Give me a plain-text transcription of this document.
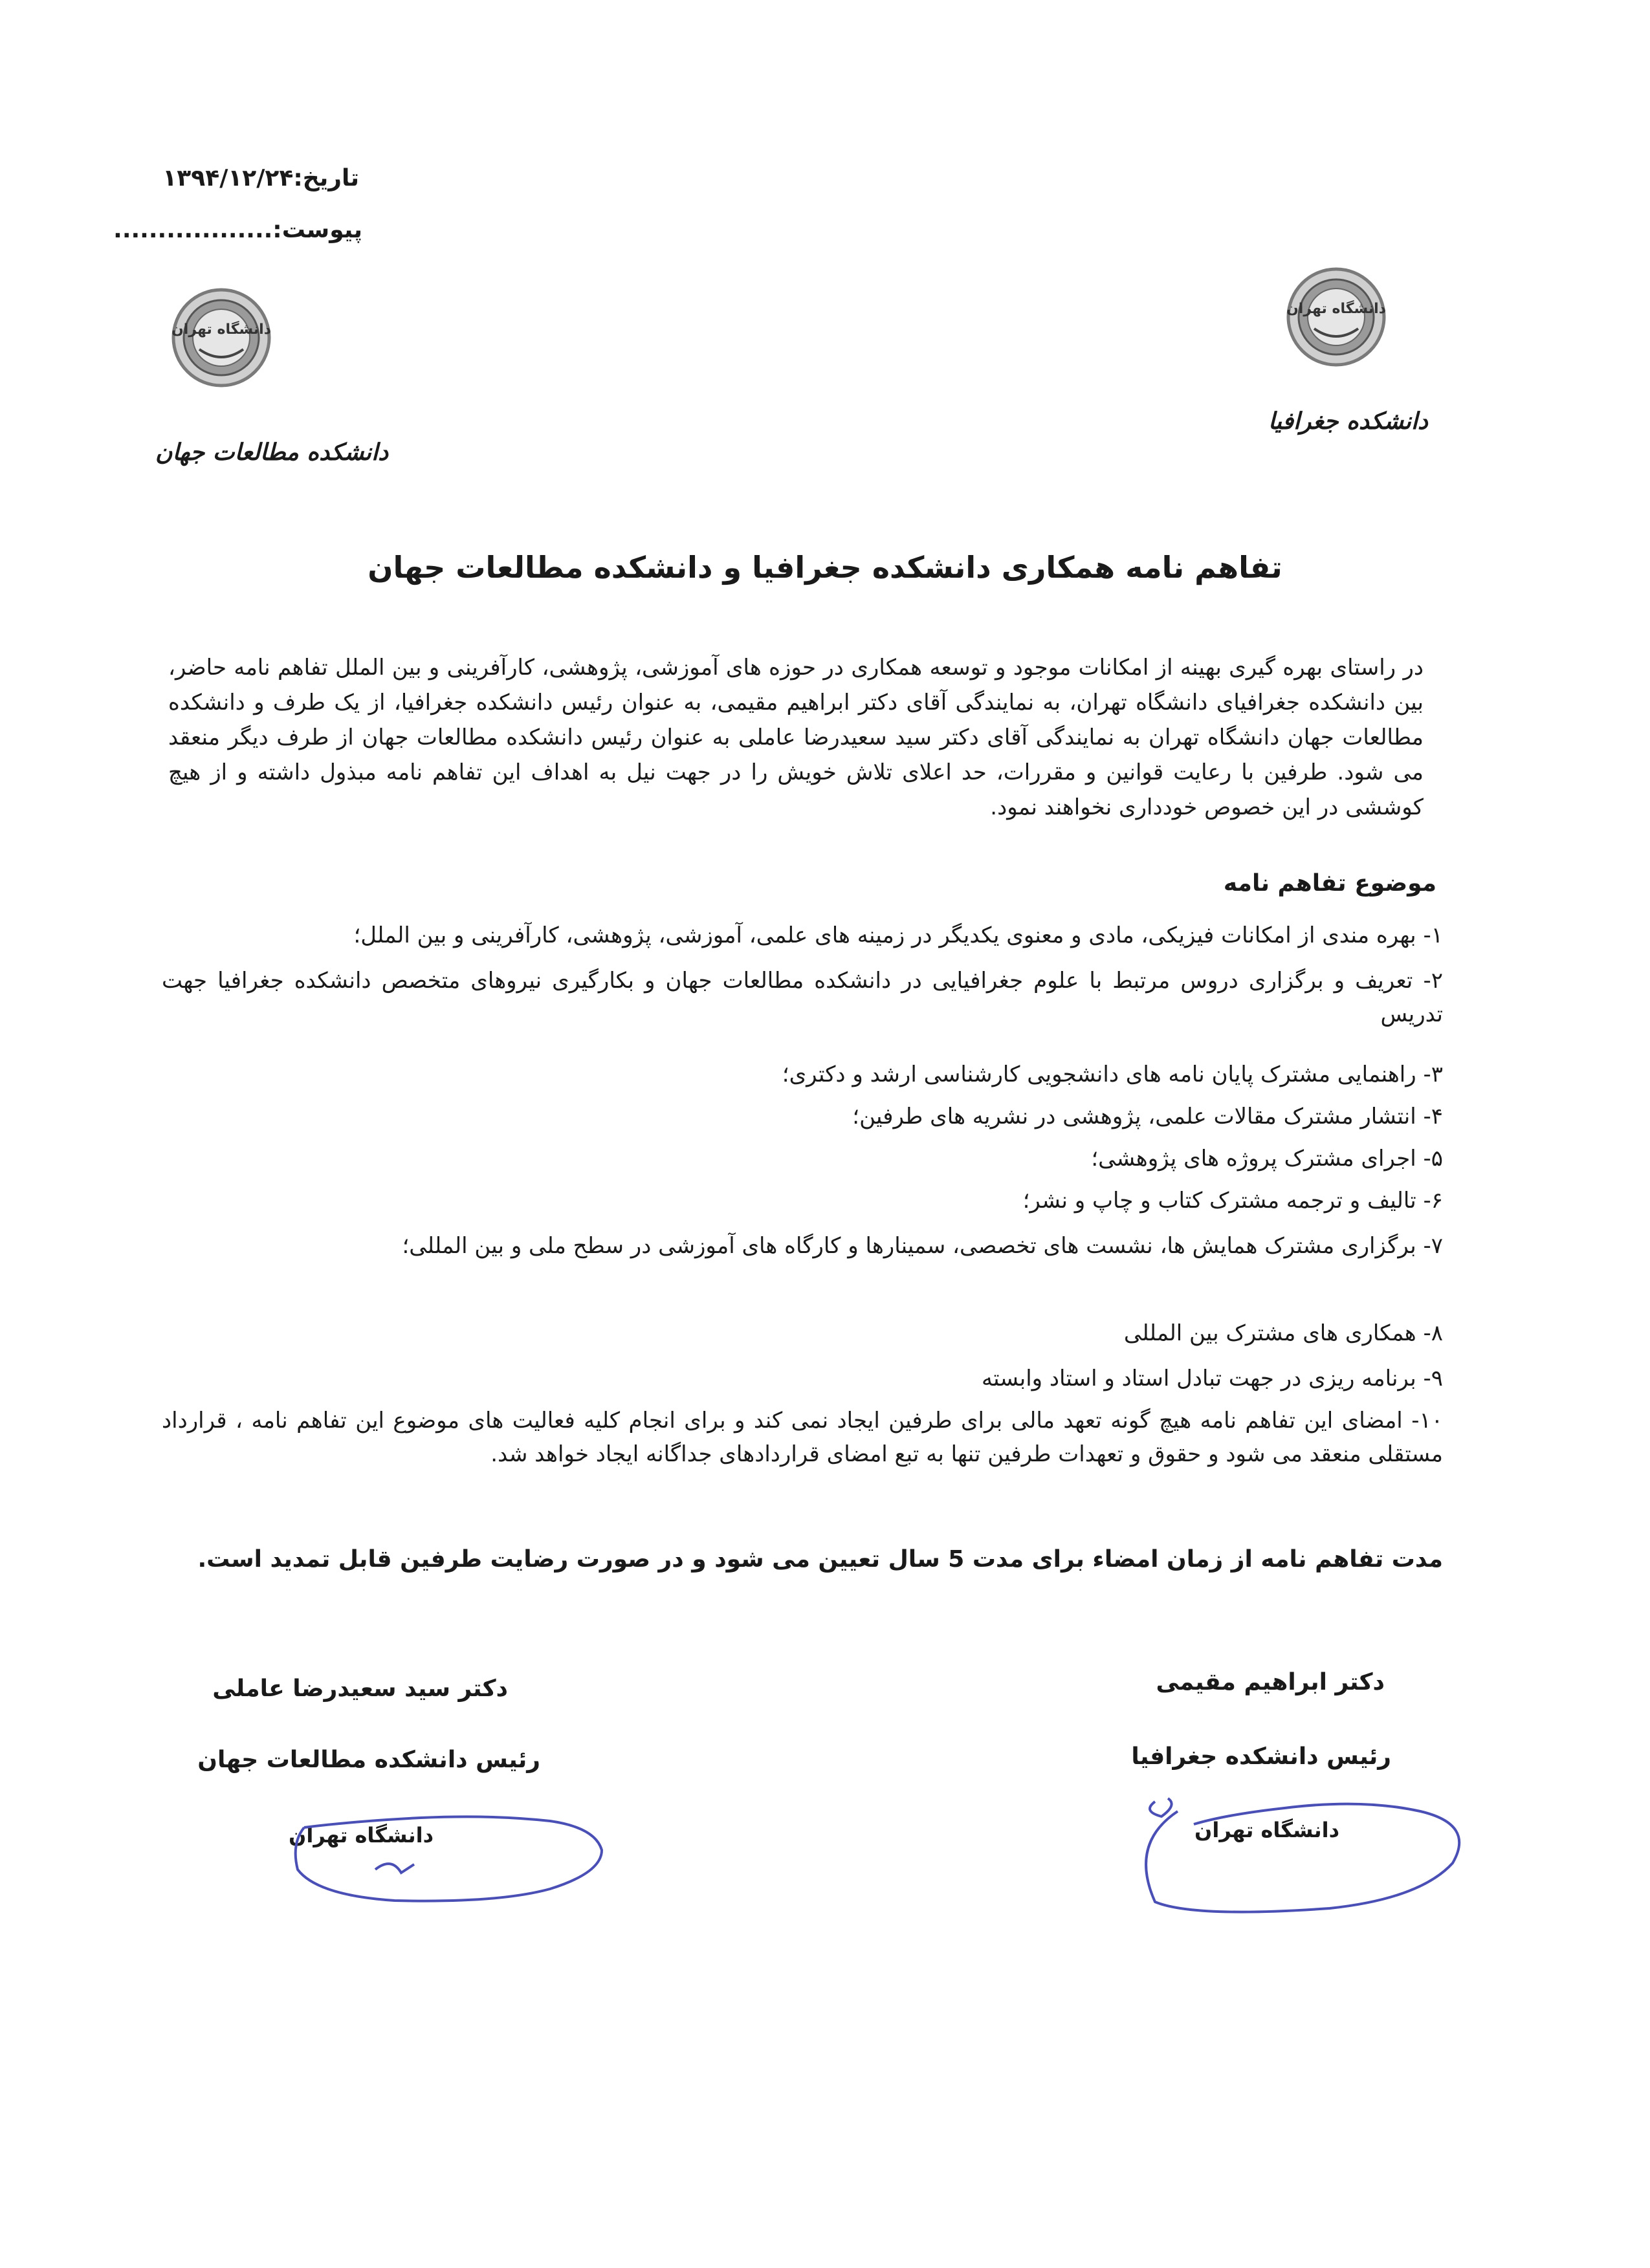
تاریخ:۱۳۹۴/۱۲/۲۴
پیوست:..................
دانشگاه تهران
دانشکده جغرافیا
دانشگاه تهران
دانشکده مطالعات جهان
تفاهم نامه همکاری دانشکده جغرافیا و دانشکده مطالعات جهان
در راستای بهره گیری بهینه از امکانات موجود و توسعه همکاری در حوزه های آموزشی، پژوهشی، کارآفرینی و بین الملل تفاهم نامه حاضر، بین دانشکده جغرافیای دانشگاه تهران، به نمایندگی آقای دکتر ابراهیم مقیمی، به عنوان رئیس دانشکده جغرافیا، از یک طرف و دانشکده مطالعات جهان دانشگاه تهران به نمایندگی آقای دکتر سید سعیدرضا عاملی به عنوان رئیس دانشکده مطالعات جهان از طرف دیگر منعقد می شود. طرفین با رعایت قوانین و مقررات، حد اعلای تلاش خویش را در جهت نیل به اهداف این تفاهم نامه مبذول داشته و از هیچ کوششی در این خصوص خودداری نخواهند نمود.
موضوع تفاهم نامه
۱- بهره مندی از امکانات فیزیکی، مادی و معنوی یکدیگر در زمینه های علمی، آموزشی، پژوهشی، کارآفرینی و بین الملل؛
۲- تعریف و برگزاری دروس مرتبط با علوم جغرافیایی در دانشکده مطالعات جهان و بکارگیری نیروهای متخصص دانشکده جغرافیا جهت تدریس
۳- راهنمایی مشترک پایان نامه های دانشجویی کارشناسی ارشد و دکتری؛
۴- انتشار مشترک مقالات علمی، پژوهشی در نشریه های طرفین؛
۵- اجرای مشترک پروژه های پژوهشی؛
۶- تالیف و ترجمه مشترک کتاب و چاپ و نشر؛
۷- برگزاری مشترک همایش ها، نشست های تخصصی، سمینارها و کارگاه های آموزشی در سطح ملی و بین المللی؛
۸- همکاری های مشترک بین المللی
۹- برنامه ریزی در جهت تبادل استاد و استاد وابسته
۱۰- امضای این تفاهم نامه هیچ گونه تعهد مالی برای طرفین ایجاد نمی کند و برای انجام کلیه فعالیت های موضوع این تفاهم نامه ، قرارداد مستقلی منعقد می شود و حقوق و تعهدات طرفین تنها به تبع امضای قراردادهای جداگانه ایجاد خواهد شد.
مدت تفاهم نامه از زمان امضاء برای مدت 5 سال تعیین می شود و در صورت رضایت طرفین قابل تمدید است.
دکتر ابراهیم مقیمی
رئیس دانشکده جغرافیا
دانشگاه تهران
دکتر سید سعیدرضا عاملی
رئیس دانشکده مطالعات جهان
دانشگاه تهران
